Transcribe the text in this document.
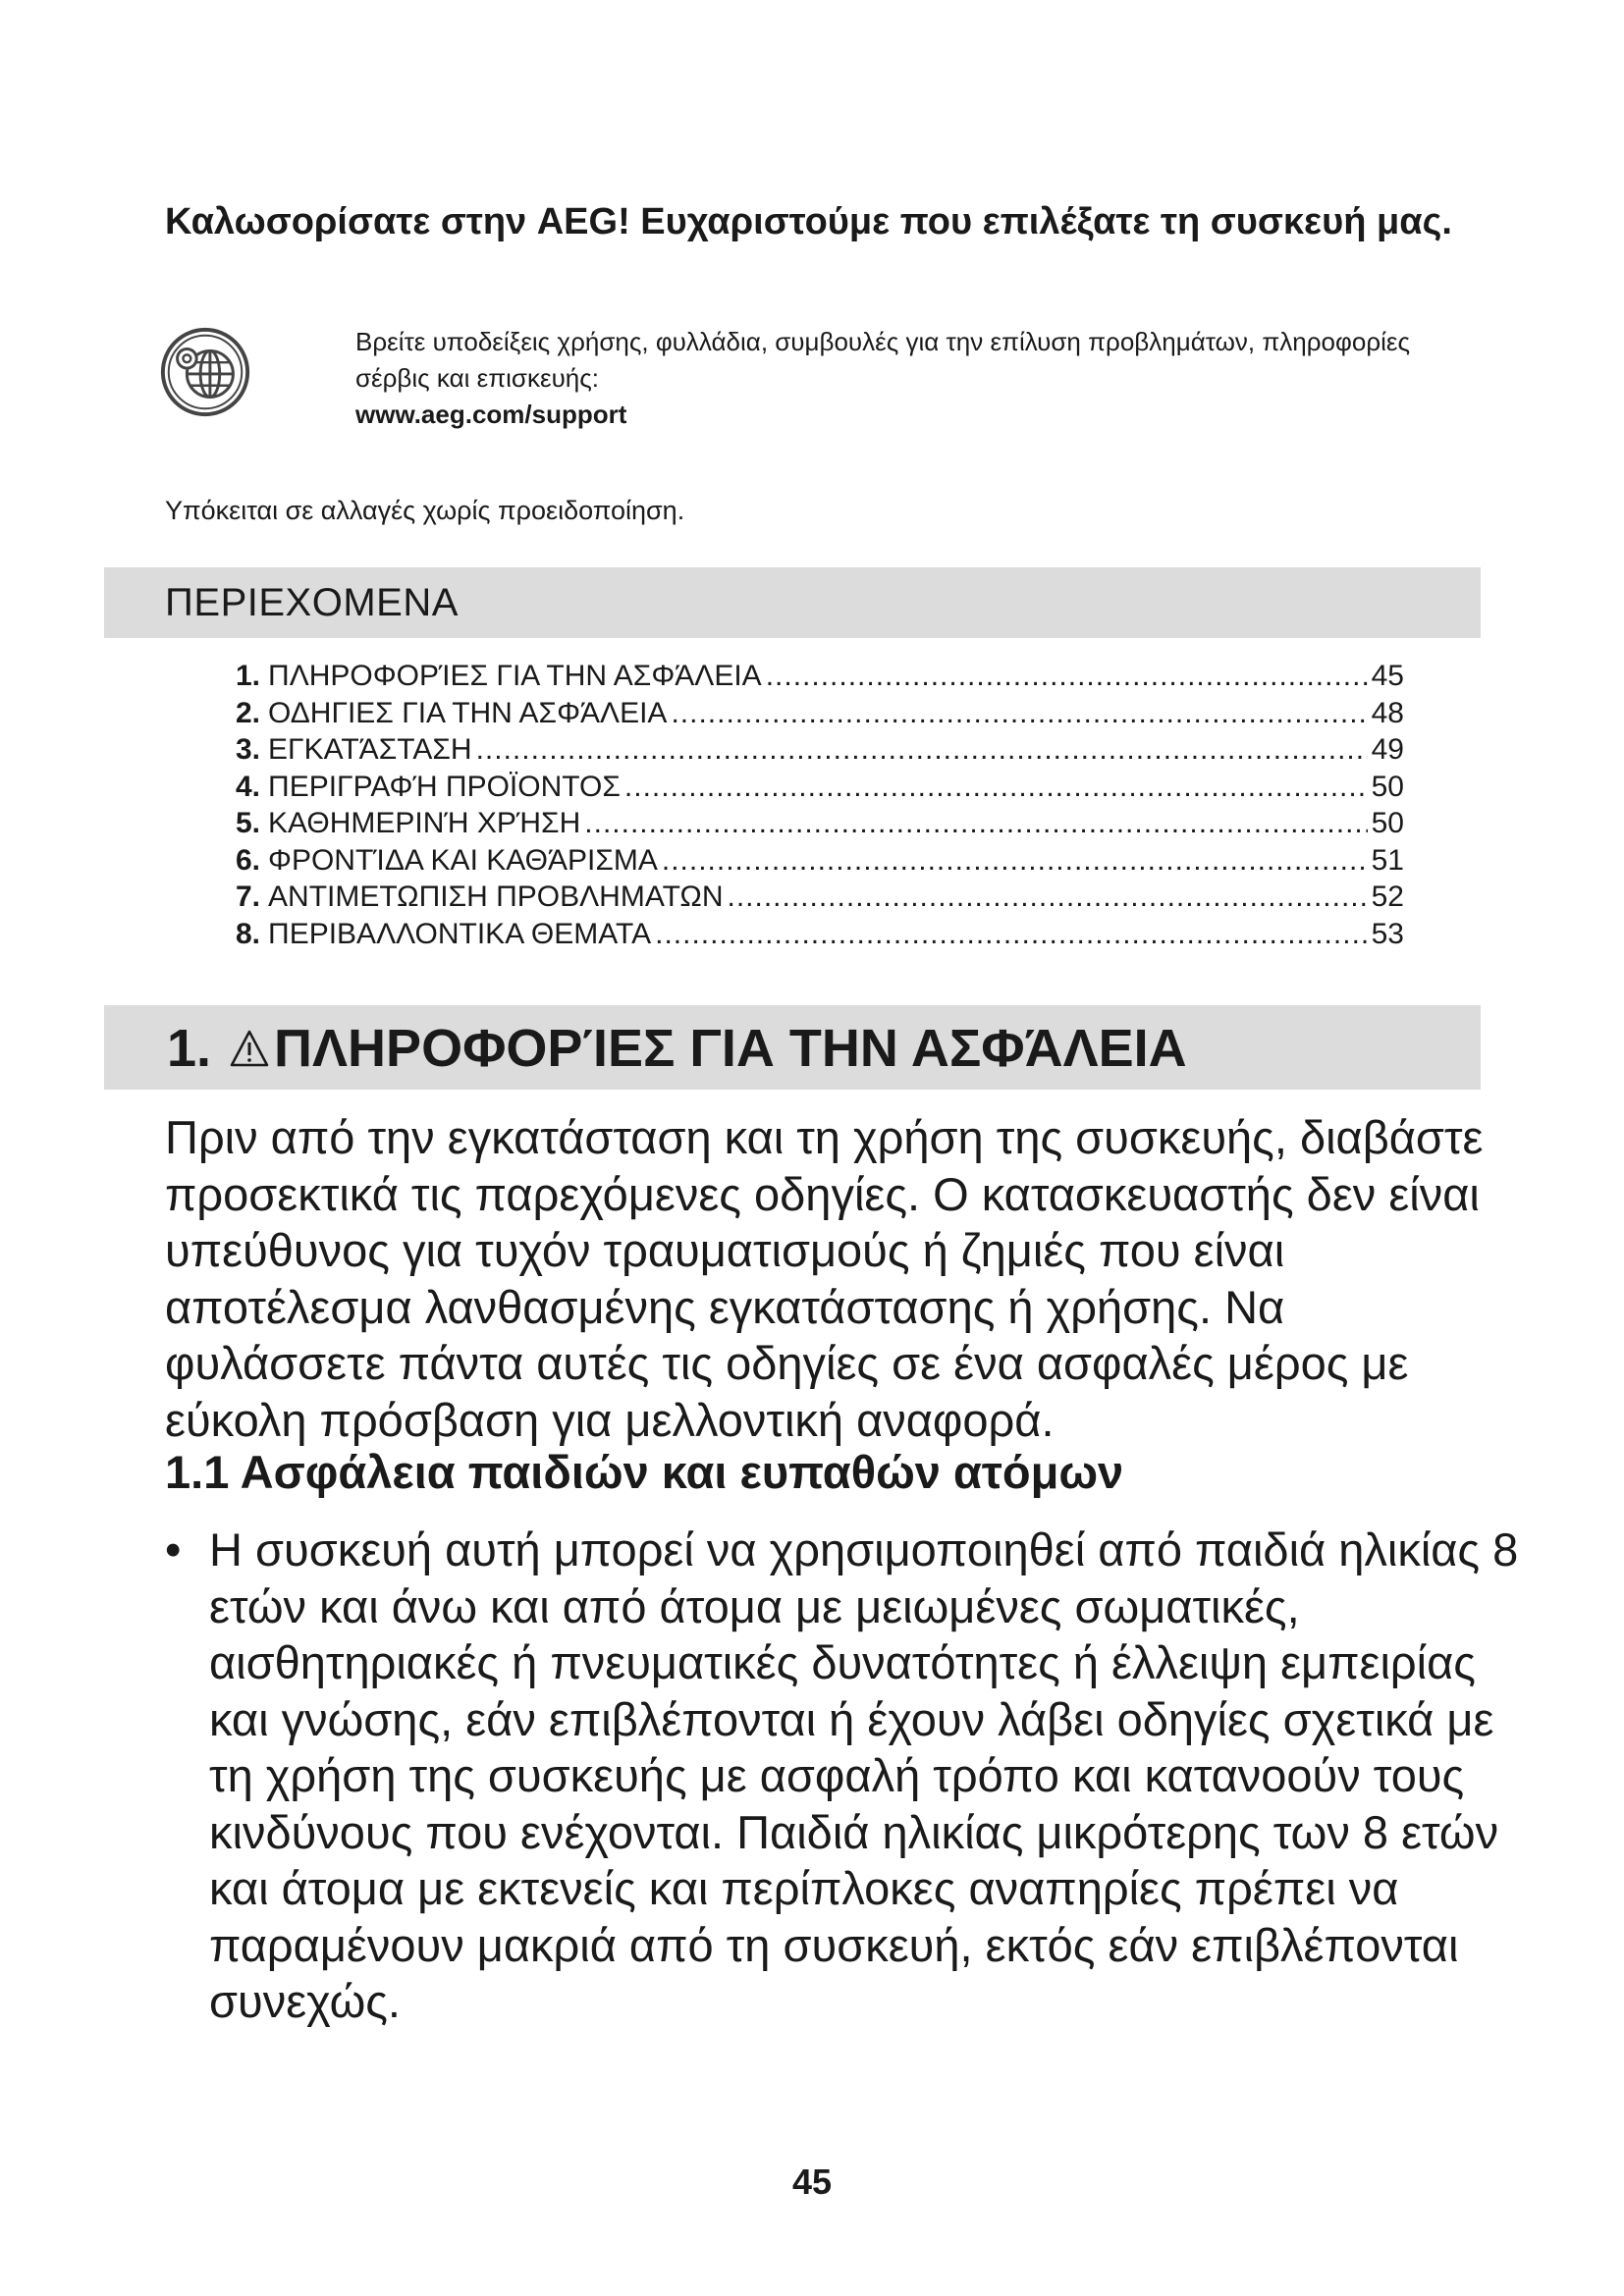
Καλωσορίσατε στην AEG! Ευχαριστούμε που επιλέξατε τη συσκευή μας.
Βρείτε υποδείξεις χρήσης, φυλλάδια, συμβουλές για την επίλυση προβλημάτων, πληροφορίες σέρβις και επισκευής:
www.aeg.com/support
Υπόκειται σε αλλαγές χωρίς προειδοποίηση.
ΠΕΡΙΕΧΟΜΕΝΑ
1. ΠΛΗΡΟΦΟΡΊΕΣ ΓΙΑ ΤΗΝ ΑΣΦΆΛΕΙΑ .....	45
2. ΟΔΗΓΙΕΣ ΓΙΑ ΤΗΝ ΑΣΦΆΛΕΙΑ .....	48
3. ΕΓΚΑΤΆΣΤΑΣΗ .....	49
4. ΠΕΡΙΓΡΑΦΉ ΠΡΟΪΟΝΤΟΣ .....	50
5. ΚΑΘΗΜΕΡΙΝΉ ΧΡΉΣΗ .....	50
6. ΦΡΟΝΤΊΔΑ ΚΑΙ ΚΑΘΆΡΙΣΜΑ .....	51
7. ΑΝΤΙΜΕΤΩΠΙΣΗ ΠΡΟΒΛΗΜΑΤΩΝ .....	52
8. ΠΕΡΙΒΑΛΛΟΝΤΙΚΑ ΘΕΜΑΤΑ .....	53
1. ΠΛΗΡΟΦΟΡΊΕΣ ΓΙΑ ΤΗΝ ΑΣΦΆΛΕΙΑ

Πριν από την εγκατάσταση και τη χρήση της συσκευής, διαβάστε προσεκτικά τις παρεχόμενες οδηγίες. Ο κατασκευαστής δεν είναι υπεύθυνος για τυχόν τραυματισμούς ή ζημιές που είναι αποτέλεσμα λανθασμένης εγκατάστασης ή χρήσης. Να φυλάσσετε πάντα αυτές τις οδηγίες σε ένα ασφαλές μέρος με εύκολη πρόσβαση για μελλοντική αναφορά.

1.1 Ασφάλεια παιδιών και ευπαθών ατόμων

• Η συσκευή αυτή μπορεί να χρησιμοποιηθεί από παιδιά ηλικίας 8 ετών και άνω και από άτομα με μειωμένες σωματικές, αισθητηριακές ή πνευματικές δυνατότητες ή έλλειψη εμπειρίας και γνώσης, εάν επιβλέπονται ή έχουν λάβει οδηγίες σχετικά με τη χρήση της συσκευής με ασφαλή τρόπο και κατανοούν τους κινδύνους που ενέχονται. Παιδιά ηλικίας μικρότερης των 8 ετών και άτομα με εκτενείς και περίπλοκες αναπηρίες πρέπει να παραμένουν μακριά από τη συσκευή, εκτός εάν επιβλέπονται συνεχώς.

45
